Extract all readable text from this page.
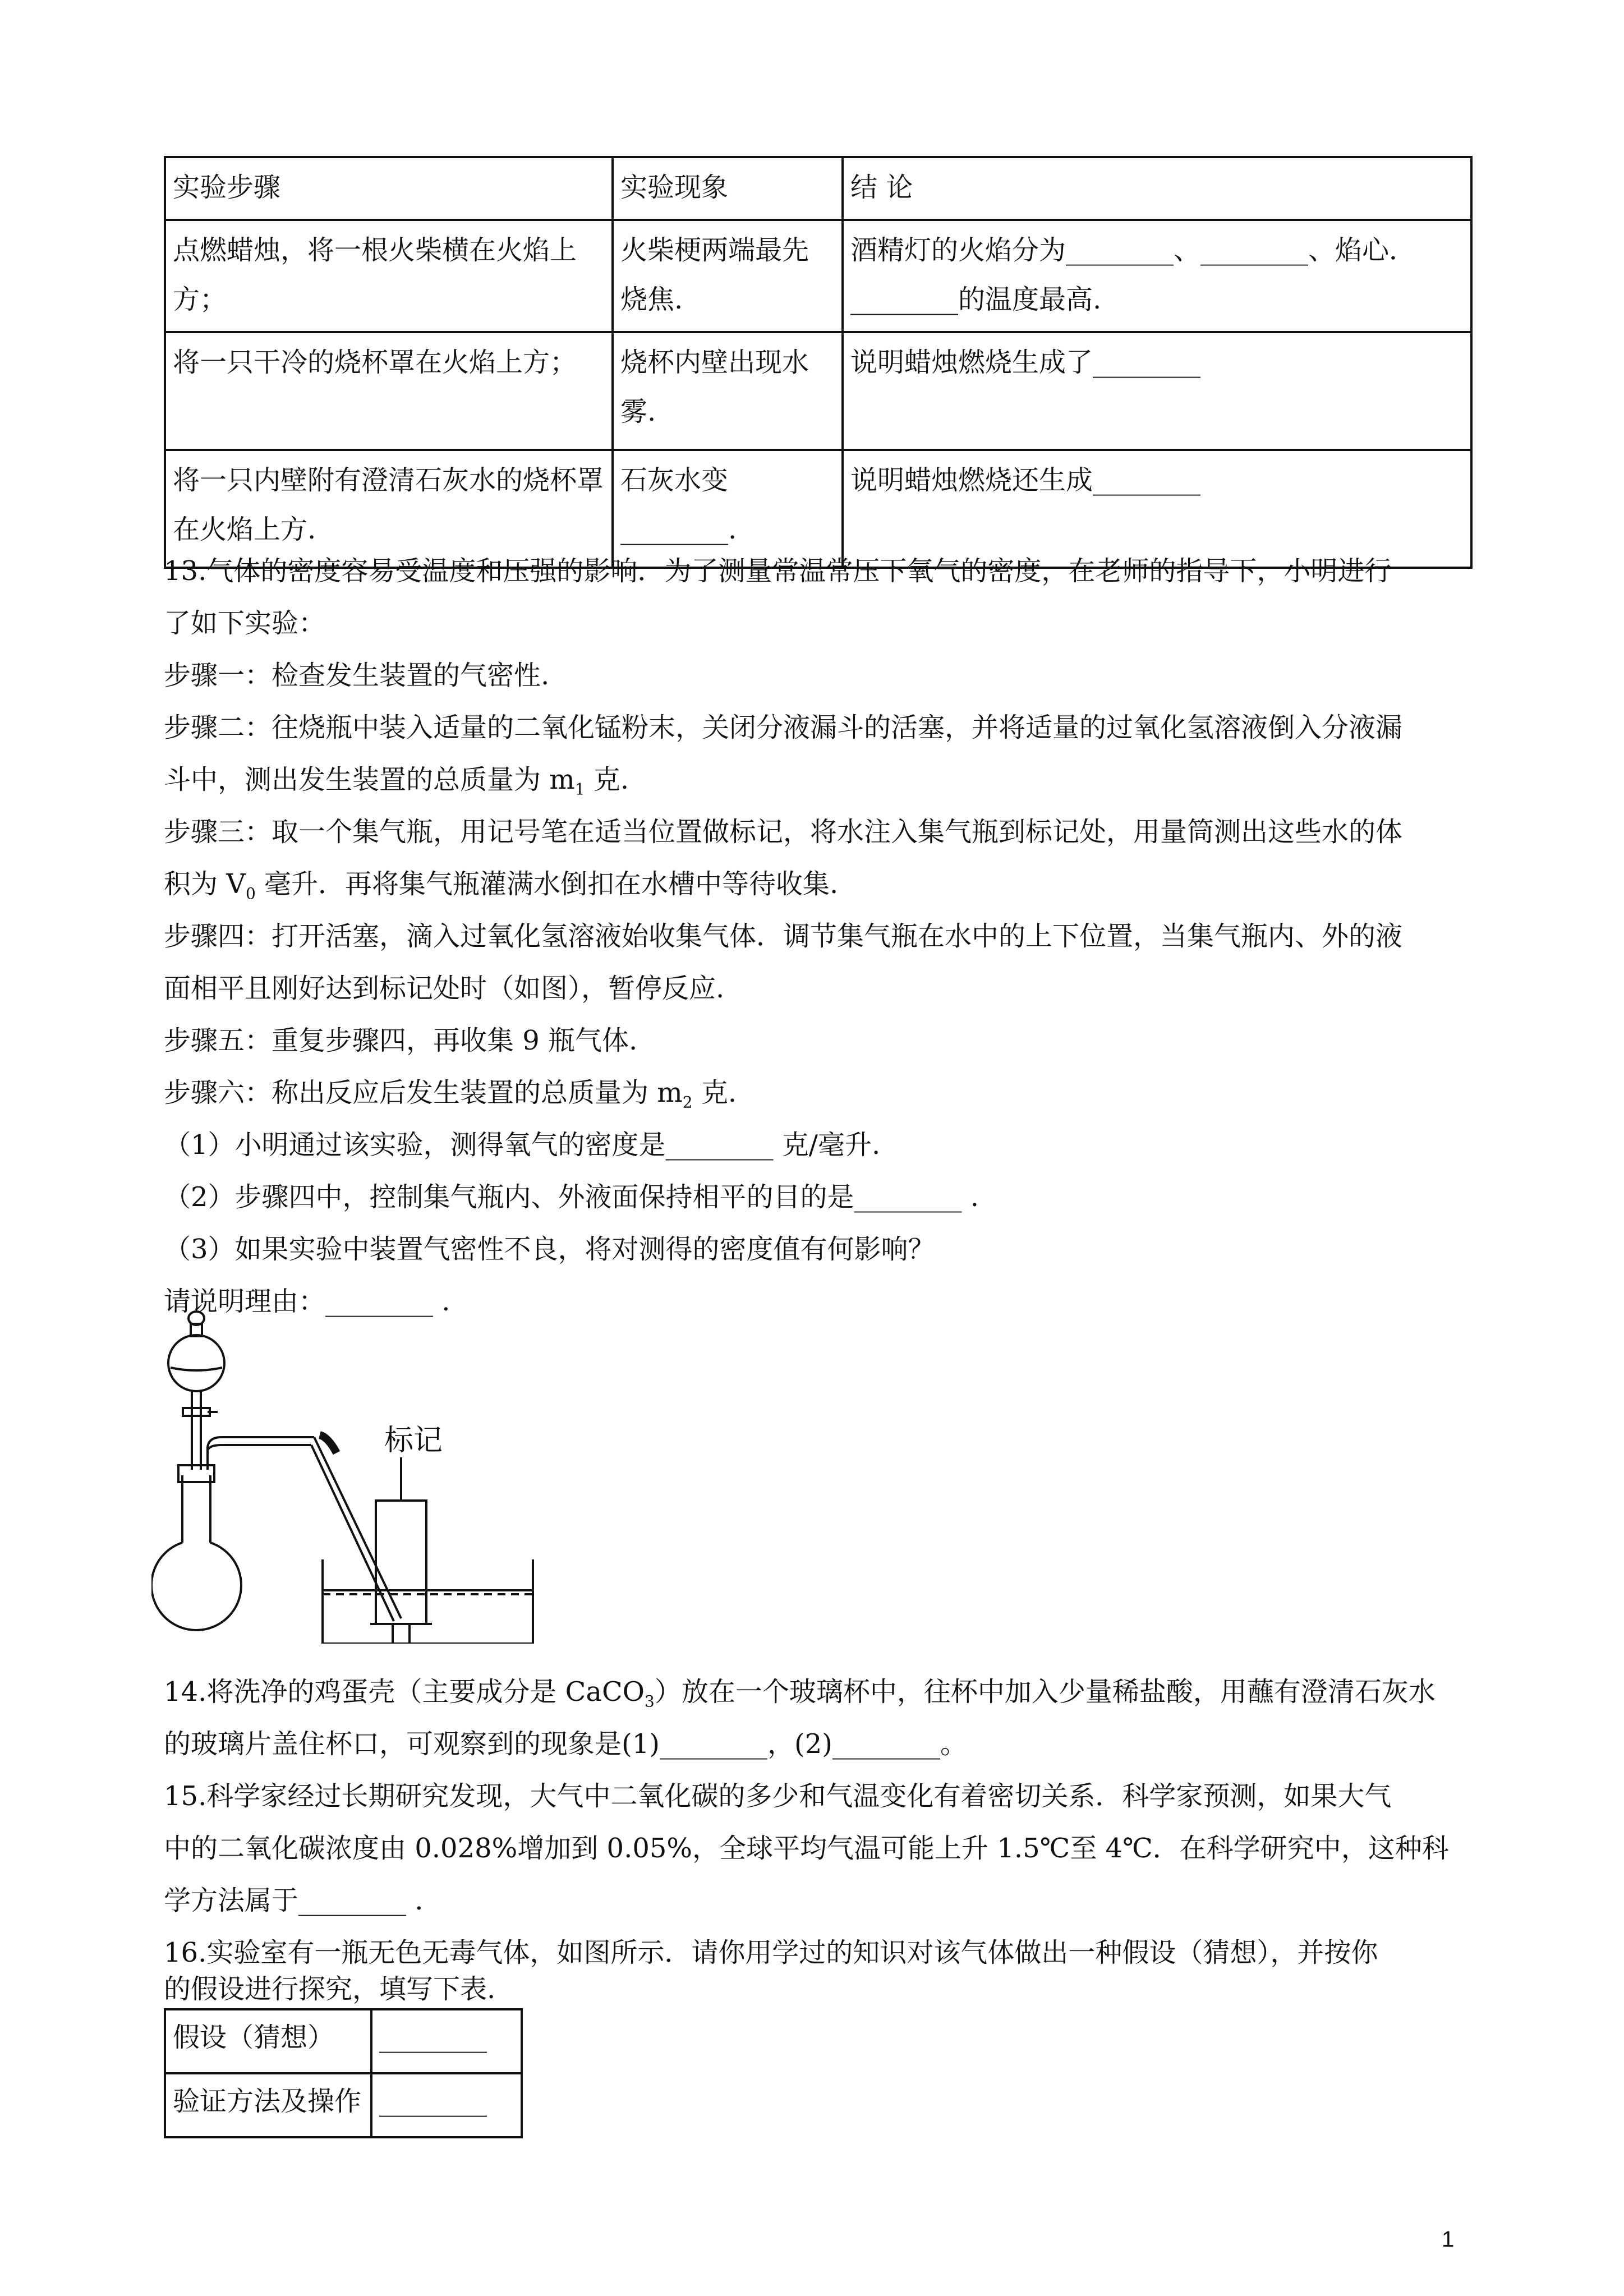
实验步骤	实验现象	结 论
点燃蜡烛，将一根火柴横在火焰上方；	火柴梗两端最先烧焦.	酒精灯的火焰分为________、________、焰心．________的温度最高.
将一只干冷的烧杯罩在火焰上方；	烧杯内壁出现水雾.	说明蜡烛燃烧生成了________
将一只内壁附有澄清石灰水的烧杯罩在火焰上方.	石灰水变________.	说明蜡烛燃烧还生成________
13.气体的密度容易受温度和压强的影响．为了测量常温常压下氧气的密度，在老师的指导下，小明进行
了如下实验：
步骤一：检查发生装置的气密性.
步骤二：往烧瓶中装入适量的二氧化锰粉末，关闭分液漏斗的活塞，并将适量的过氧化氢溶液倒入分液漏
斗中，测出发生装置的总质量为 $m_1$ 克.
步骤三：取一个集气瓶，用记号笔在适当位置做标记，将水注入集气瓶到标记处，用量筒测出这些水的体
积为 $V_0$ 毫升．再将集气瓶灌满水倒扣在水槽中等待收集.
步骤四：打开活塞，滴入过氧化氢溶液始收集气体．调节集气瓶在水中的上下位置，当集气瓶内、外的液
面相平且刚好达到标记处时（如图），暂停反应.
步骤五：重复步骤四，再收集 9 瓶气体.
步骤六：称出反应后发生装置的总质量为 $m_2$ 克.
（1）小明通过该实验，测得氧气的密度是________ 克/毫升.
（2）步骤四中，控制集气瓶内、外液面保持相平的目的是________ .
（3）如果实验中装置气密性不良，将对测得的密度值有何影响？
请说明理由：________ .
标记
14.将洗净的鸡蛋壳（主要成分是 CaCO$_3$）放在一个玻璃杯中，往杯中加入少量稀盐酸，用蘸有澄清石灰水
的玻璃片盖住杯口，可观察到的现象是(1)________，(2)________。
15.科学家经过长期研究发现，大气中二氧化碳的多少和气温变化有着密切关系．科学家预测，如果大气
中的二氧化碳浓度由 0.028%增加到 0.05%，全球平均气温可能上升 1.5℃至 4℃．在科学研究中，这种科
学方法属于________ .
16.实验室有一瓶无色无毒气体，如图所示．请你用学过的知识对该气体做出一种假设（猜想），并按你
的假设进行探究，填写下表.
假设（猜想）	________
验证方法及操作	________
1
